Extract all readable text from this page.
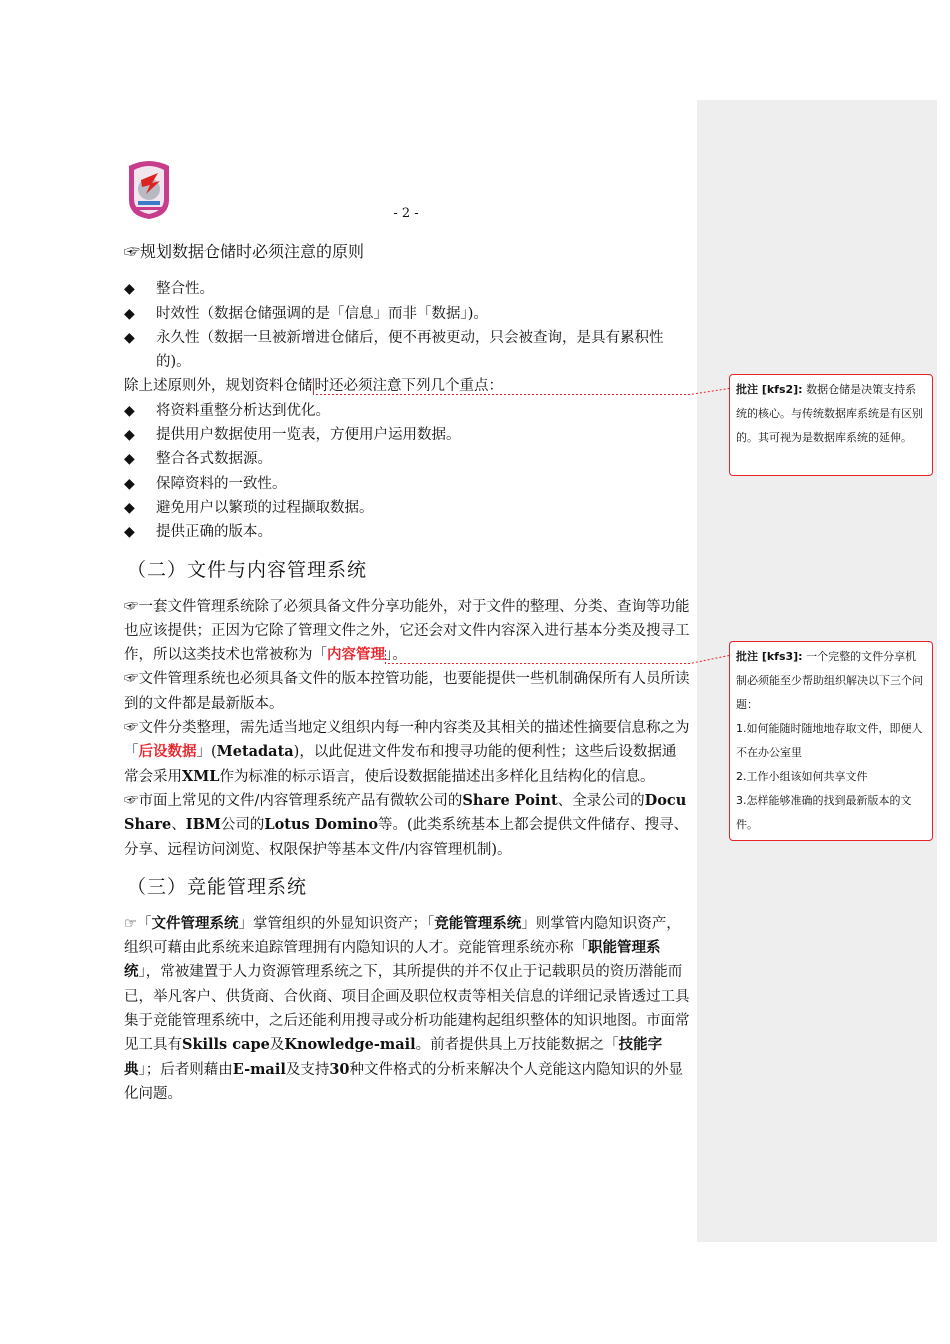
- 2 -
☞规划数据仓储时必须注意的原则
◆ 整合性。
◆ 时效性（数据仓储强调的是「信息」而非「数据」)。
◆ 永久性（数据一旦被新增进仓储后，便不再被更动，只会被查询，是具有累积性的)。

除上述原则外，规划资料仓储 时还必须注意下列几个重点：

◆ 将资料重整分析达到优化。
◆ 提供用户数据使用一览表，方便用户运用数据。
◆ 整合各式数据源。
◆ 保障资料的一致性。
◆ 避免用户以繁琐的过程撷取数据。
◆ 提供正确的版本。
（二）文件与内容管理系统

☞一套文件管理系统除了必须具备文件分享功能外，对于文件的整理、分类、查询等功能也应该提供；正因为它除了管理文件之外，它还会对文件内容深入进行基本分类及搜寻工作，所以这类技术也常被称为「内容管理」。

☞文件管理系统也必须具备文件的版本控管功能，也要能提供一些机制确保所有人员所读到的文件都是最新版本。

☞文件分类整理，需先适当地定义组织内每一种内容类及其相关的描述性摘要信息称之为「后设数据」(Metadata)，以此促进文件发布和搜寻功能的便利性；这些后设数据通常会采用XML作为标准的标示语言，使后设数据能描述出多样化且结构化的信息。

☞市面上常见的文件/内容管理系统产品有微软公司的Share Point、全录公司的Docu Share、IBM公司的Lotus Domino等。(此类系统基本上都会提供文件储存、搜寻、分享、远程访问浏览、权限保护等基本文件/内容管理机制)。

（三）竞能管理系统

☞「文件管理系统」掌管组织的外显知识资产；「竞能管理系统」则掌管内隐知识资产，组织可藉由此系统来追踪管理拥有内隐知识的人才。竞能管理系统亦称「职能管理系统」，常被建置于人力资源管理系统之下，其所提供的并不仅止于记载职员的资历潜能而已，举凡客户、供货商、合伙商、项目企画及职位权责等相关信息的详细记录皆透过工具集于竞能管理系统中，之后还能利用搜寻或分析功能建构起组织整体的知识地图。市面常见工具有Skills cape及Knowledge-mail。前者提供具上万技能数据之「技能字典」；后者则藉由E-mail及支持30种文件格式的分析来解决个人竞能这内隐知识的外显化问题。

批注 [kfs2]: 数据仓储是决策支持系统的核心。与传统数据库系统是有区别的。其可视为是数据库系统的延伸。
批注 [kfs3]: 一个完整的文件分享机制必须能至少帮助组织解决以下三个问题：
1.如何能随时随地地存取文件，即便人不在办公室里
2.工作小组该如何共享文件
3.怎样能够准确的找到最新版本的文件。
